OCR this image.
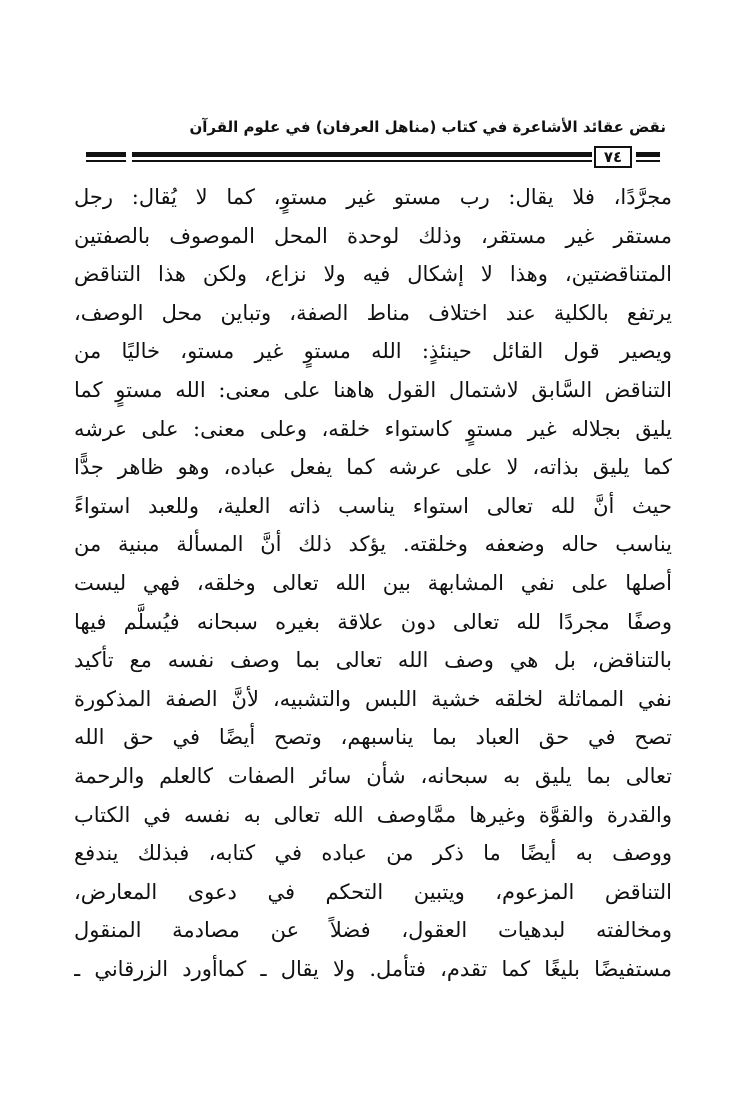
نقض عقائد الأشاعرة في كتاب (مناهل العرفان) في علوم القرآن
٧٤
مجرَّدًا، فلا يقال: رب مستو غير مستوٍ، كما لا يُقال: رجل
مستقر غير مستقر، وذلك لوحدة المحل الموصوف بالصفتين
المتناقضتين، وهذا لا إشكال فيه ولا نزاع، ولكن هذا التناقض
يرتفع بالكلية عند اختلاف مناط الصفة، وتباين محل الوصف،
ويصير قول القائل حينئذٍ: الله مستوٍ غير مستو، خاليًا من
التناقض السَّابق لاشتمال القول هاهنا على معنى: الله مستوٍ كما
يليق بجلاله غير مستوٍ كاستواء خلقه، وعلى معنى: على عرشه
كما يليق بذاته، لا على عرشه كما يفعل عباده، وهو ظاهر جدًّا
حيث أنَّ لله تعالى استواء يناسب ذاته العلية، وللعبد استواءً
يناسب حاله وضعفه وخلقته. يؤكد ذلك أنَّ المسألة مبنية من
أصلها على نفي المشابهة بين الله تعالى وخلقه، فهي ليست
وصفًا مجردًا لله تعالى دون علاقة بغيره سبحانه فيُسلَّم فيها
بالتناقض، بل هي وصف الله تعالى بما وصف نفسه مع تأكيد
نفي المماثلة لخلقه خشية اللبس والتشبيه، لأنَّ الصفة المذكورة
تصح في حق العباد بما يناسبهم، وتصح أيضًا في حق الله
تعالى بما يليق به سبحانه، شأن سائر الصفات كالعلم والرحمة
والقدرة والقوَّة وغيرها ممَّاوصف الله تعالى به نفسه في الكتاب
ووصف به أيضًا ما ذكر من عباده في كتابه، فبذلك يندفع
التناقض المزعوم، ويتبين التحكم في دعوى المعارض،
ومخالفته لبدهيات العقول، فضلاً عن مصادمة المنقول
مستفيضًا بليغًا كما تقدم، فتأمل. ولا يقال ـ كماأورد الزرقاني ـ
